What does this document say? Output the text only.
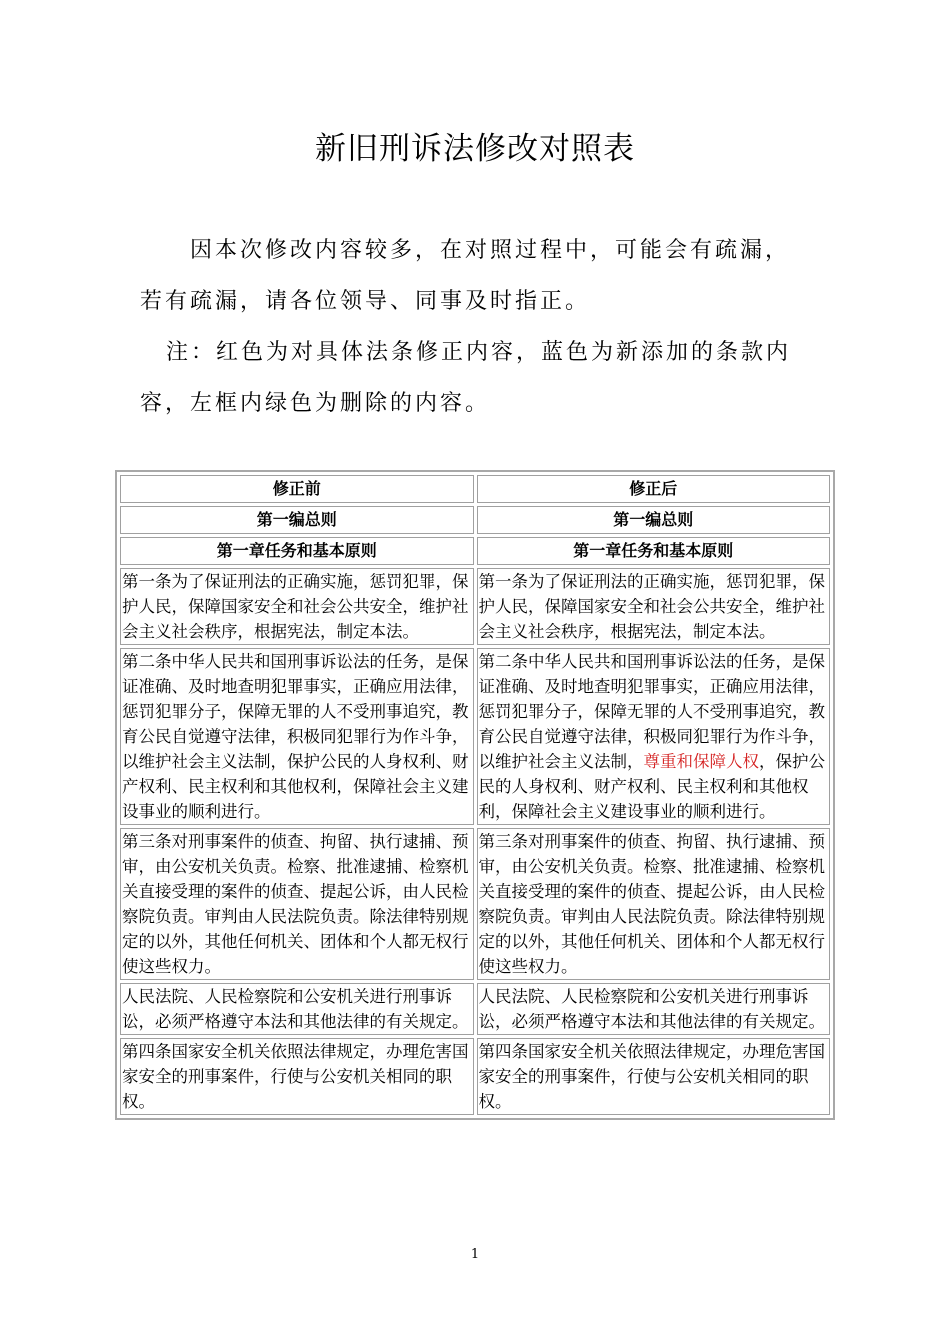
新旧刑诉法修改对照表
因本次修改内容较多，在对照过程中，可能会有疏漏，若有疏漏，请各位领导、同事及时指正。
注：红色为对具体法条修正内容，蓝色为新添加的条款内容，左框内绿色为删除的内容。
修正前	修正后
第一编总则	第一编总则
第一章任务和基本原则	第一章任务和基本原则
第一条为了保证刑法的正确实施，惩罚犯罪，保护人民，保障国家安全和社会公共安全，维护社会主义社会秩序，根据宪法，制定本法。	第一条为了保证刑法的正确实施，惩罚犯罪，保护人民，保障国家安全和社会公共安全，维护社会主义社会秩序，根据宪法，制定本法。
第二条中华人民共和国刑事诉讼法的任务，是保证准确、及时地查明犯罪事实，正确应用法律，惩罚犯罪分子，保障无罪的人不受刑事追究，教育公民自觉遵守法律，积极同犯罪行为作斗争，以维护社会主义法制，保护公民的人身权利、财产权利、民主权利和其他权利，保障社会主义建设事业的顺利进行。	第二条中华人民共和国刑事诉讼法的任务，是保证准确、及时地查明犯罪事实，正确应用法律，惩罚犯罪分子，保障无罪的人不受刑事追究，教育公民自觉遵守法律，积极同犯罪行为作斗争，以维护社会主义法制，尊重和保障人权，保护公民的人身权利、财产权利、民主权利和其他权利，保障社会主义建设事业的顺利进行。
第三条对刑事案件的侦查、拘留、执行逮捕、预审，由公安机关负责。检察、批准逮捕、检察机关直接受理的案件的侦查、提起公诉，由人民检察院负责。审判由人民法院负责。除法律特别规定的以外，其他任何机关、团体和个人都无权行使这些权力。	第三条对刑事案件的侦查、拘留、执行逮捕、预审，由公安机关负责。检察、批准逮捕、检察机关直接受理的案件的侦查、提起公诉，由人民检察院负责。审判由人民法院负责。除法律特别规定的以外，其他任何机关、团体和个人都无权行使这些权力。
人民法院、人民检察院和公安机关进行刑事诉讼，必须严格遵守本法和其他法律的有关规定。	人民法院、人民检察院和公安机关进行刑事诉讼，必须严格遵守本法和其他法律的有关规定。
第四条国家安全机关依照法律规定，办理危害国家安全的刑事案件，行使与公安机关相同的职权。	第四条国家安全机关依照法律规定，办理危害国家安全的刑事案件，行使与公安机关相同的职权。
1
